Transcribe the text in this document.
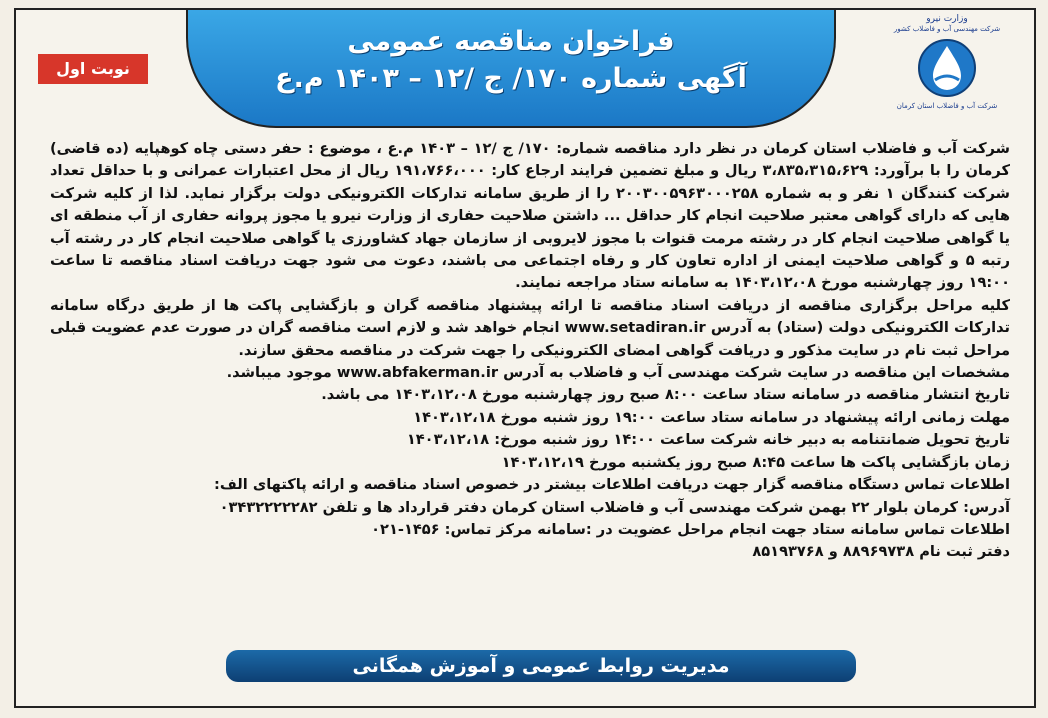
نوبت اول
فراخوان مناقصه عمومی
آگهی شماره ۱۷۰/ ج /۱۲ – ۱۴۰۳ م.ع
وزارت نیرو
شرکت مهندسی آب و فاضلاب کشور
شرکت آب و فاضلاب استان کرمان

شرکت آب و فاضلاب استان کرمان در نظر دارد مناقصه شماره: ۱۷۰/ ج /۱۲ – ۱۴۰۳ م.ع ، موضوع : حفر دستی چاه کوهپایه (ده قاضی) کرمان را با برآورد: ۳،۸۳۵،۳۱۵،۶۲۹ ریال و مبلغ تضمین فرایند ارجاع کار: ۱۹۱،۷۶۶،۰۰۰ ریال از محل اعتبارات عمرانی و با حداقل تعداد شرکت کنندگان ۱ نفر و به شماره ۲۰۰۳۰۰۵۹۶۳۰۰۰۲۵۸ را از طریق سامانه تدارکات الکترونیکی دولت برگزار نماید. لذا از کلیه شرکت هایی که دارای گواهی معتبر صلاحیت انجام کار حداقل ... داشتن صلاحیت حفاری از وزارت نیرو یا مجوز پروانه حفاری از آب منطقه ای یا گواهی صلاحیت انجام کار در رشته مرمت قنوات با مجوز لایروبی از سازمان جهاد کشاورزی یا گواهی صلاحیت انجام کار در رشته آب رتبه ۵ و گواهی صلاحیت ایمنی از اداره تعاون کار و رفاه اجتماعی می باشند، دعوت می شود جهت دریافت اسناد مناقصه تا ساعت ۱۹:۰۰ روز چهارشنبه مورخ ۱۴۰۳،۱۲،۰۸ به سامانه ستاد مراجعه نمایند.

کلیه مراحل برگزاری مناقصه از دریافت اسناد مناقصه تا ارائه پیشنهاد مناقصه گران و بازگشایی پاکت ها از طریق درگاه سامانه تدارکات الکترونیکی دولت (ستاد) به آدرس www.setadiran.ir انجام خواهد شد و لازم است مناقصه گران در صورت عدم عضویت قبلی مراحل ثبت نام در سایت مذکور و دریافت گواهی امضای الکترونیکی را جهت شرکت در مناقصه محقق سازند.

مشخصات این مناقصه در سایت شرکت مهندسی آب و فاضلاب به آدرس www.abfakerman.ir موجود میباشد.

تاریخ انتشار مناقصه در سامانه ستاد ساعت ۸:۰۰ صبح روز چهارشنبه مورخ ۱۴۰۳،۱۲،۰۸ می باشد.

مهلت زمانی ارائه پیشنهاد در سامانه ستاد ساعت ۱۹:۰۰ روز شنبه مورخ ۱۴۰۳،۱۲،۱۸

تاریخ تحویل ضمانتنامه به دبیر خانه شرکت ساعت ۱۴:۰۰ روز شنبه مورخ: ۱۴۰۳،۱۲،۱۸

زمان بازگشایی پاکت ها ساعت ۸:۴۵ صبح روز یکشنبه مورخ ۱۴۰۳،۱۲،۱۹

اطلاعات تماس دستگاه مناقصه گزار جهت دریافت اطلاعات بیشتر در خصوص اسناد مناقصه و ارائه پاکتهای الف:

آدرس: کرمان بلوار ۲۲ بهمن شرکت مهندسی آب و فاضلاب استان کرمان دفتر قرارداد ها و تلفن ۰۳۴۳۲۲۲۲۲۸۲

اطلاعات تماس سامانه ستاد جهت انجام مراحل عضویت در :سامانه مرکز تماس: ۱۴۵۶-۰۲۱

دفتر ثبت نام ۸۸۹۶۹۷۳۸ و ۸۵۱۹۳۷۶۸

مدیریت روابط عمومی و آموزش همگانی
